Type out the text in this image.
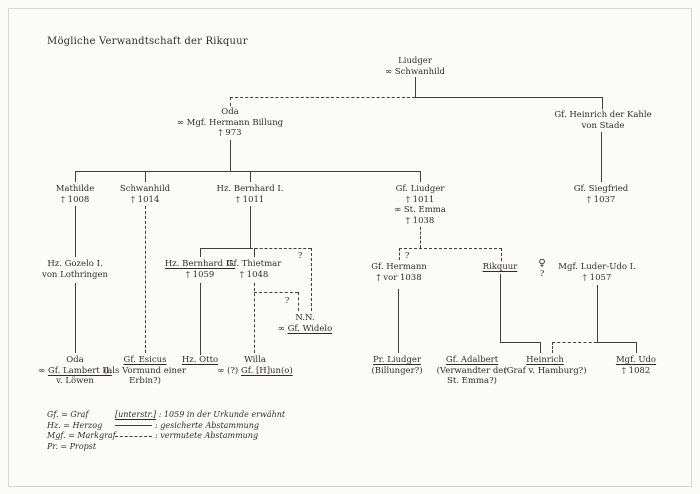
Mögliche Verwandtschaft der Rikquur
?
?
?
Liudger
∞ Schwanhild
Oda
∞ Mgf. Hermann Billung
† 973
Gf. Heinrich der Kahle
von Stade
Mathilde
† 1008
Schwanhild
† 1014
Hz. Bernhard I.
† 1011
Gf. Liudger
† 1011
∞ St. Emma
† 1038
Gf. Siegfried
† 1037
Hz. Gozelo I.
von Lothringen
Hz. Bernhard II.
† 1059
Gf. Thietmar
† 1048
Gf. Hermann
† vor 1038
Rikquur	♀
?
Mgf. Luder-Udo I.
† 1057
N.N.
∞ Gf. Widelo
Oda
∞ Gf. Lambert II.
v. Löwen
Gf. Esicus
(als Vormund einer
Erbin?)
Hz. Otto	Willa
∞ (?) Gf. [H]un(o)
Pr. Liudger
(Billunger?)
Gf. Adalbert
(Verwandter der
St. Emma?)
Heinrich
(Graf v. Hamburg?)
Mgf. Udo
† 1082
Gf. = Graf
Hz. = Herzog
Mgf. = Markgraf
Pr. = Propst
[unterstr.] : 1059 in der Urkunde erwähnt
: gesicherte Abstammung
: vermutete Abstammung
